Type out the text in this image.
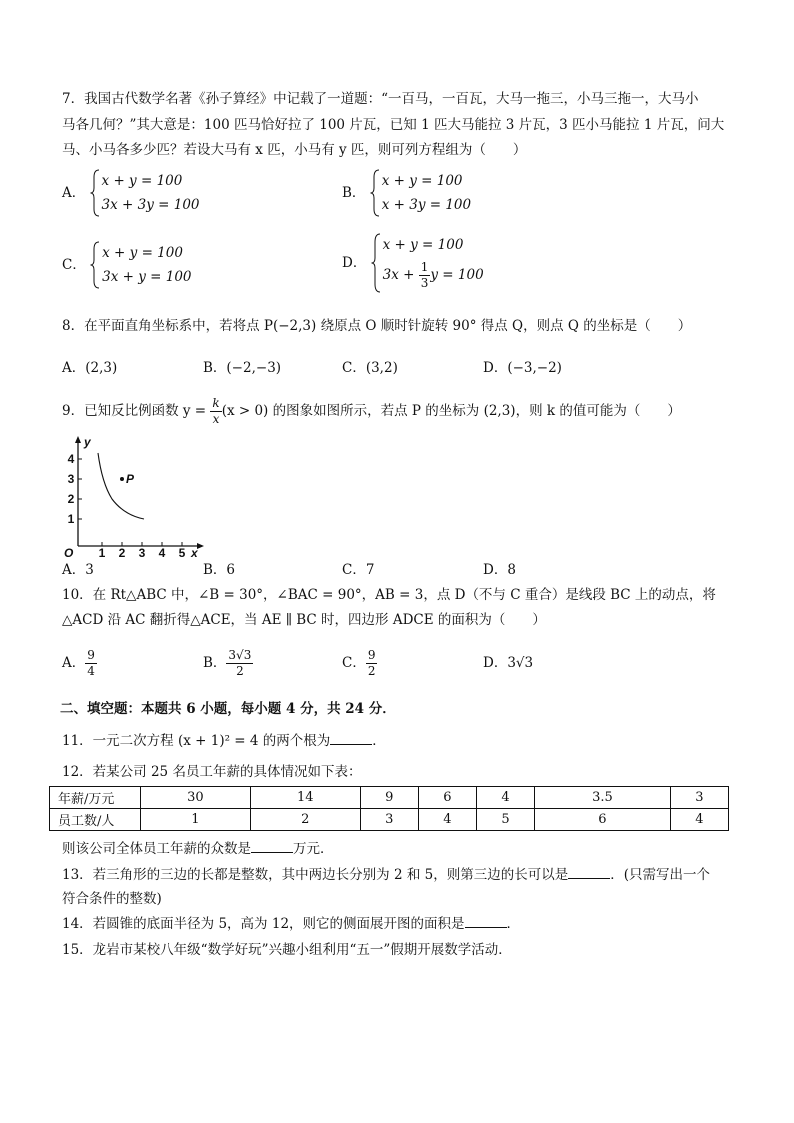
7．我国古代数学名著《孙子算经》中记载了一道题：“一百马，一百瓦，大马一拖三，小马三拖一，大马小
马各几何？”其大意是：100 匹马恰好拉了 100 片瓦，已知 1 匹大马能拉 3 片瓦，3 匹小马能拉 1 片瓦，问大
马、小马各多少匹？若设大马有 x 匹，小马有 y 匹，则可列方程组为（　　）
A．
x + y = 100
3x + 3y = 100
B．
x + y = 100
x + 3y = 100
C．
x + y = 100
3x + y = 100
D．
x + y = 100
$3x + \frac{1}{3}$ y = 100
8．在平面直角坐标系中，若将点 P(−2,3) 绕原点 O 顺时针旋转 90° 得点 Q，则点 Q 的坐标是（　　）
A．(2,3)	B．(−2,−3)	C．(3,2)	D．(−3,−2)
9．已知反比例函数 $y = \frac{k}{x} (x > 0)$ 的图象如图所示，若点 P 的坐标为 (2,3)，则 k 的值可能为（　　）
O	x
y
1 2 3 4 5
1
2
3
4
P
A．3	B．6	C．7	D．8
10．在 Rt△ABC 中，∠B = 30°，∠BAC = 90°，AB = 3，点 D（不与 C 重合）是线段 BC 上的动点，将
△ACD 沿 AC 翻折得△ACE，当 AE ∥ BC 时，四边形 ADCE 的面积为（　　）
A． $\frac{9}{4}$	B． $\frac{3√3}{2}$	C． $\frac{9}{2}$	D．3√3
二、填空题：本题共 6 小题，每小题 4 分，共 24 分．
11．一元二次方程 (x + 1)² = 4 的两个根为	．
12．若某公司 25 名员工年薪的具体情况如下表：
年薪/万元	30	14	9	6	4	3.5	3
员工数/人	1	2	3	4	5	6	4
则该公司全体员工年薪的众数是	万元．
13．若三角形的三边的长都是整数，其中两边长分别为 2 和 5，则第三边的长可以是	．(只需写出一个
符合条件的整数)
14．若圆锥的底面半径为 5，高为 12，则它的侧面展开图的面积是	．
15．龙岩市某校八年级“数学好玩”兴趣小组利用“五一”假期开展数学活动．
